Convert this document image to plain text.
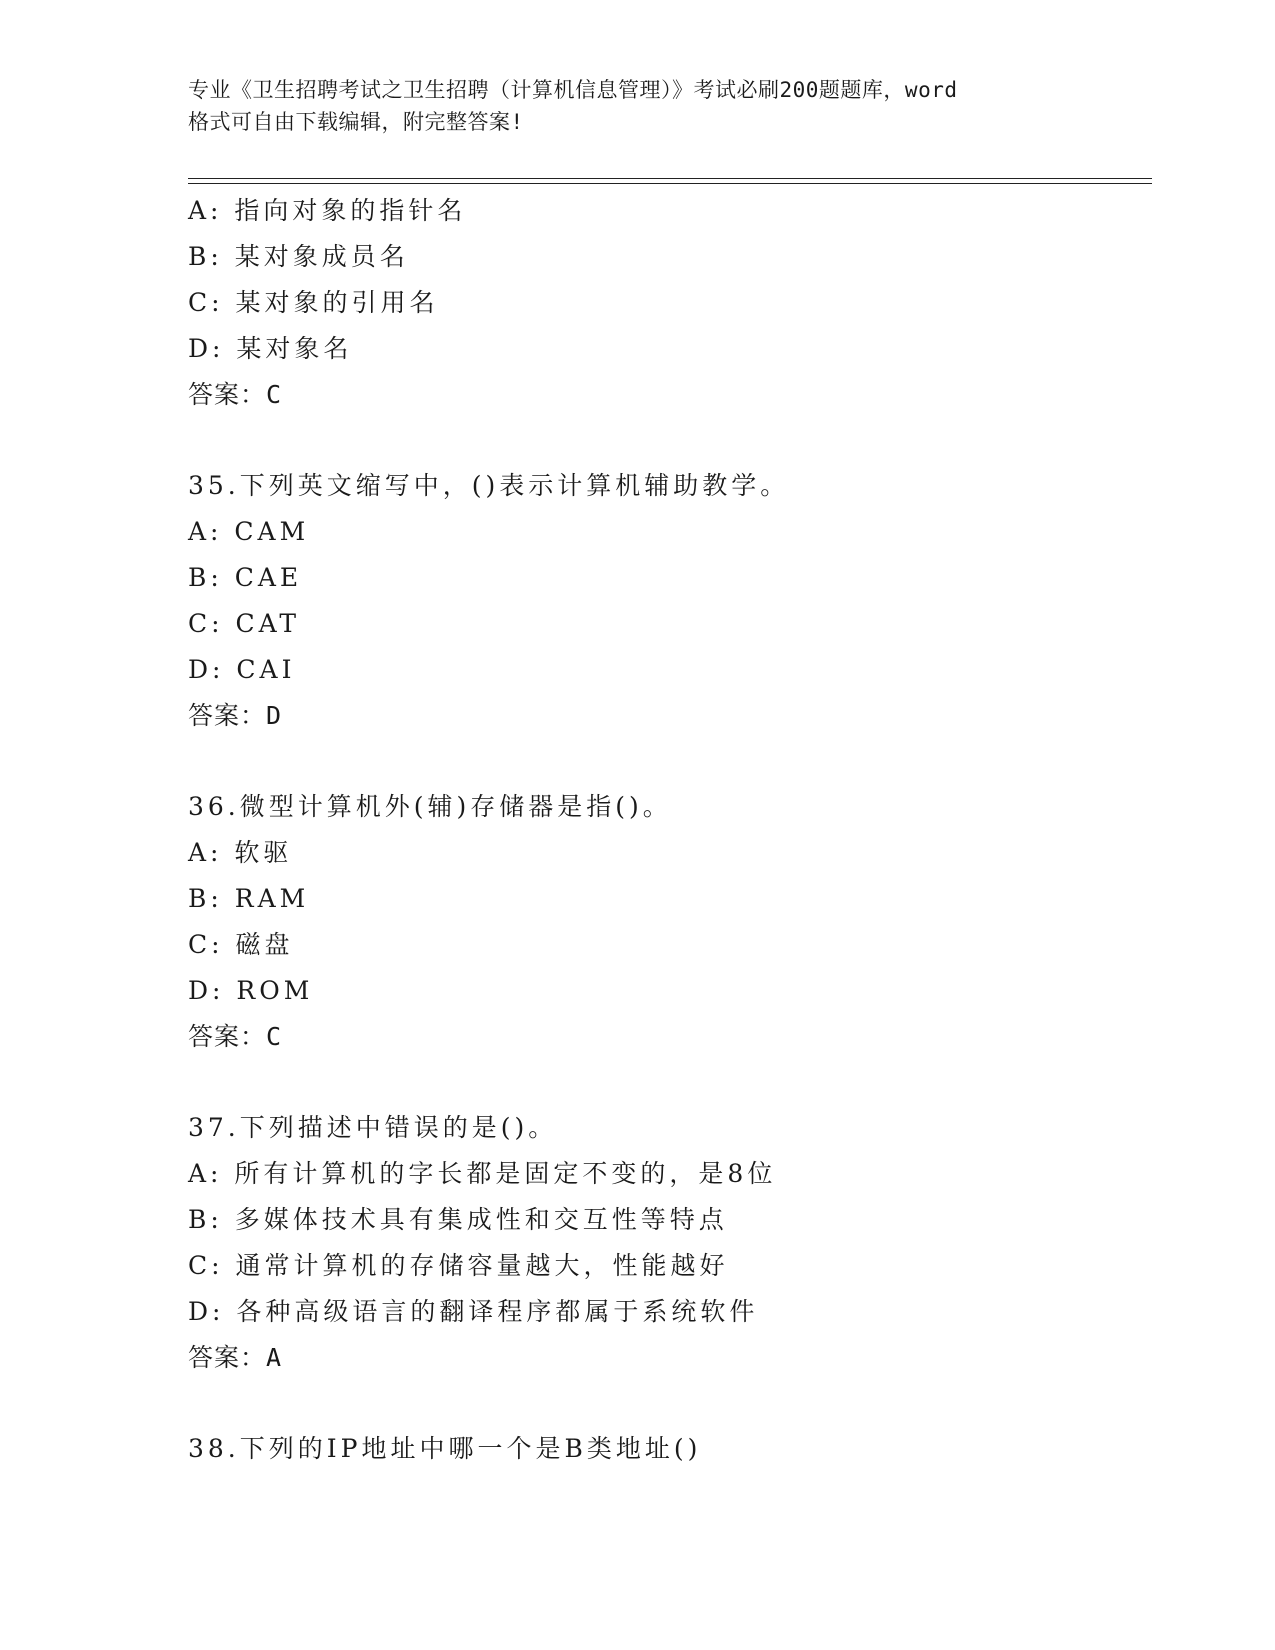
专业《卫生招聘考试之卫生招聘（计算机信息管理）》考试必刷200题题库，word
格式可自由下载编辑，附完整答案!
A: 指向对象的指针名
B: 某对象成员名
C: 某对象的引用名
D: 某对象名
答案：C
35.下列英文缩写中，()表示计算机辅助教学。
A: CAM
B: CAE
C: CAT
D: CAI
答案：D
36.微型计算机外(辅)存储器是指()。
A: 软驱
B: RAM
C: 磁盘
D: ROM
答案：C
37.下列描述中错误的是()。
A: 所有计算机的字长都是固定不变的，是8位
B: 多媒体技术具有集成性和交互性等特点
C: 通常计算机的存储容量越大，性能越好
D: 各种高级语言的翻译程序都属于系统软件
答案：A
38.下列的IP地址中哪一个是B类地址()
